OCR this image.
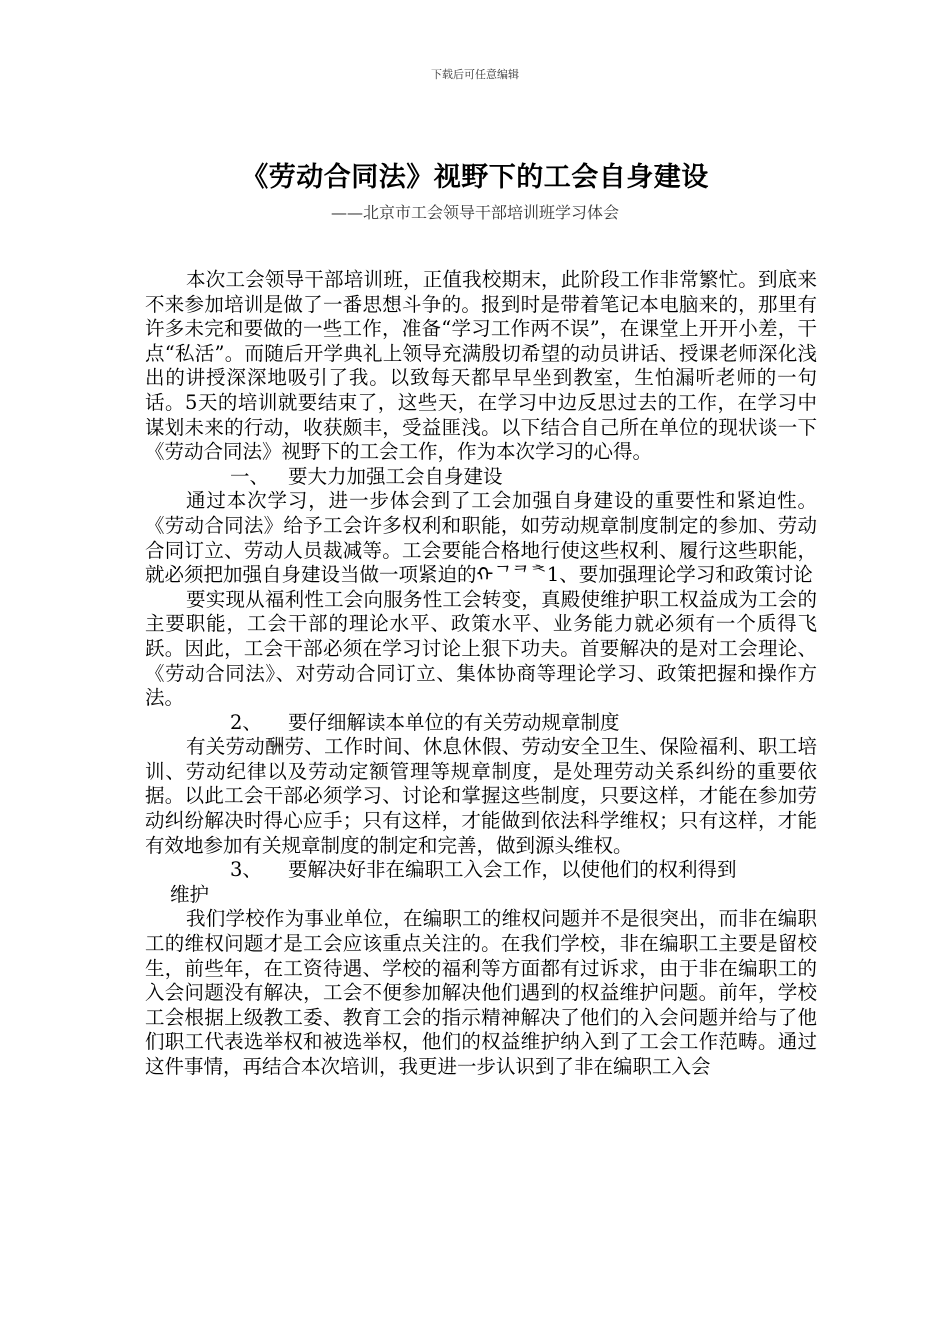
下载后可任意编辑
《劳动合同法》视野下的工会自身建设
——北京市工会领导干部培训班学习体会

本次工会领导干部培训班，正值我校期末，此阶段工作非常繁忙。到底来不来参加培训是做了一番思想斗争的。报到时是带着笔记本电脑来的，那里有许多未完和要做的一些工作，准备“学习工作两不误”，在课堂上开开小差，干点“私活”。而随后开学典礼上领导充满殷切希望的动员讲话、授课老师深化浅出的讲授深深地吸引了我。以致每天都早早坐到教室，生怕漏听老师的一句话。5天的培训就要结束了，这些天，在学习中边反思过去的工作，在学习中谋划未来的行动，收获颇丰，受益匪浅。以下结合自己所在单位的现状谈一下《劳动合同法》视野下的工会工作，作为本次学习的心得。

一、 要大力加强工会自身建设

通过本次学习，进一步体会到了工会加强自身建设的重要性和紧迫性。《劳动合同法》给予工会许多权利和职能，如劳动规章制度制定的参加、劳动合同订立、劳动人员裁减等。工会要能合格地行使这些权利、履行这些职能，就必须把加强自身建设当做一项紧迫的ᠬᄀᄏᅕ1、要加强理论学习和政策讨论

要实现从福利性工会向服务性工会转变，真殿使维护职工权益成为工会的主要职能，工会干部的理论水平、政策水平、业务能力就必须有一个质得飞跃。因此，工会干部必须在学习讨论上狠下功夫。首要解决的是对工会理论、《劳动合同法》、对劳动合同订立、集体协商等理论学习、政策把握和操作方法。

2、 要仔细解读本单位的有关劳动规章制度

有关劳动酬劳、工作时间、休息休假、劳动安全卫生、保险福利、职工培训、劳动纪律以及劳动定额管理等规章制度，是处理劳动关系纠纷的重要依据。以此工会干部必须学习、讨论和掌握这些制度，只要这样，才能在参加劳动纠纷解决时得心应手；只有这样，才能做到依法科学维权；只有这样，才能有效地参加有关规章制度的制定和完善，做到源头维权。

3、 要解决好非在编职工入会工作，以使他们的权利得到

维护

我们学校作为事业单位，在编职工的维权问题并不是很突出，而非在编职工的维权问题才是工会应该重点关注的。在我们学校，非在编职工主要是留校生，前些年，在工资待遇、学校的福利等方面都有过诉求，由于非在编职工的入会问题没有解决，工会不便参加解决他们遇到的权益维护问题。前年，学校工会根据上级教工委、教育工会的指示精神解决了他们的入会问题并给与了他们职工代表选举权和被选举权，他们的权益维护纳入到了工会工作范畴。通过这件事情，再结合本次培训，我更进一步认识到了非在编职工入会
